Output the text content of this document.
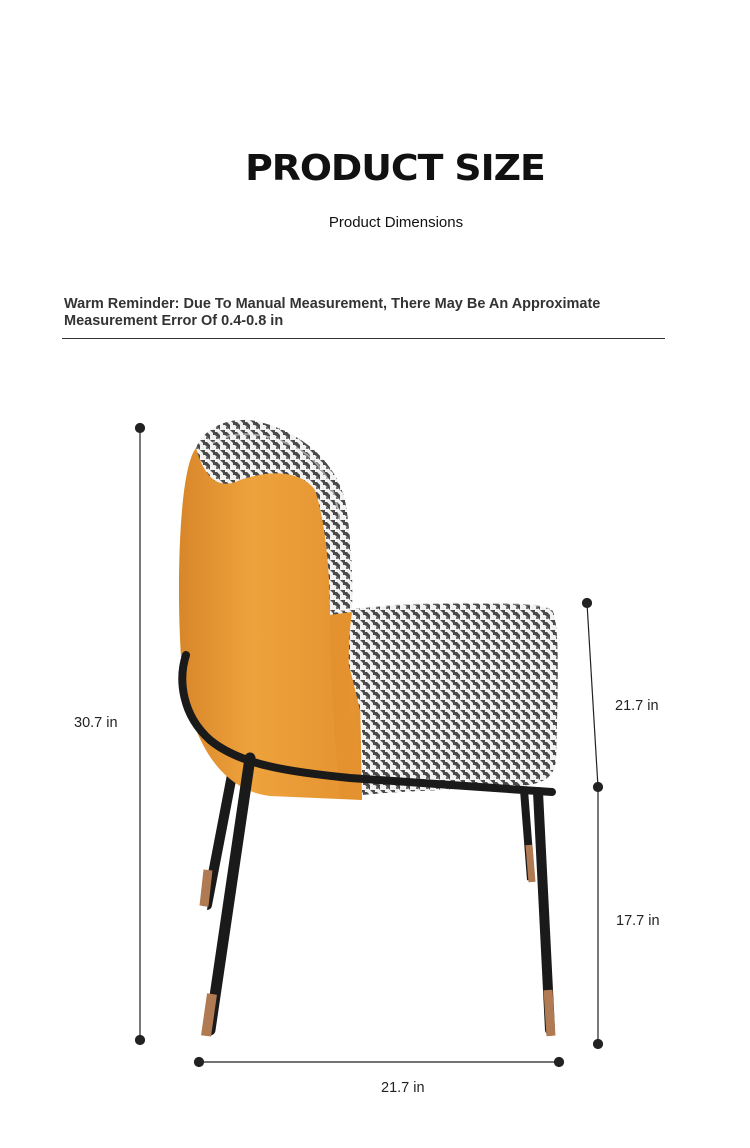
PRODUCT SIZE
Product Dimensions
Warm Reminder: Due To Manual Measurement, There May Be An Approximate
Measurement Error Of 0.4-0.8 in
30.7 in
21.7 in
17.7 in
21.7 in
